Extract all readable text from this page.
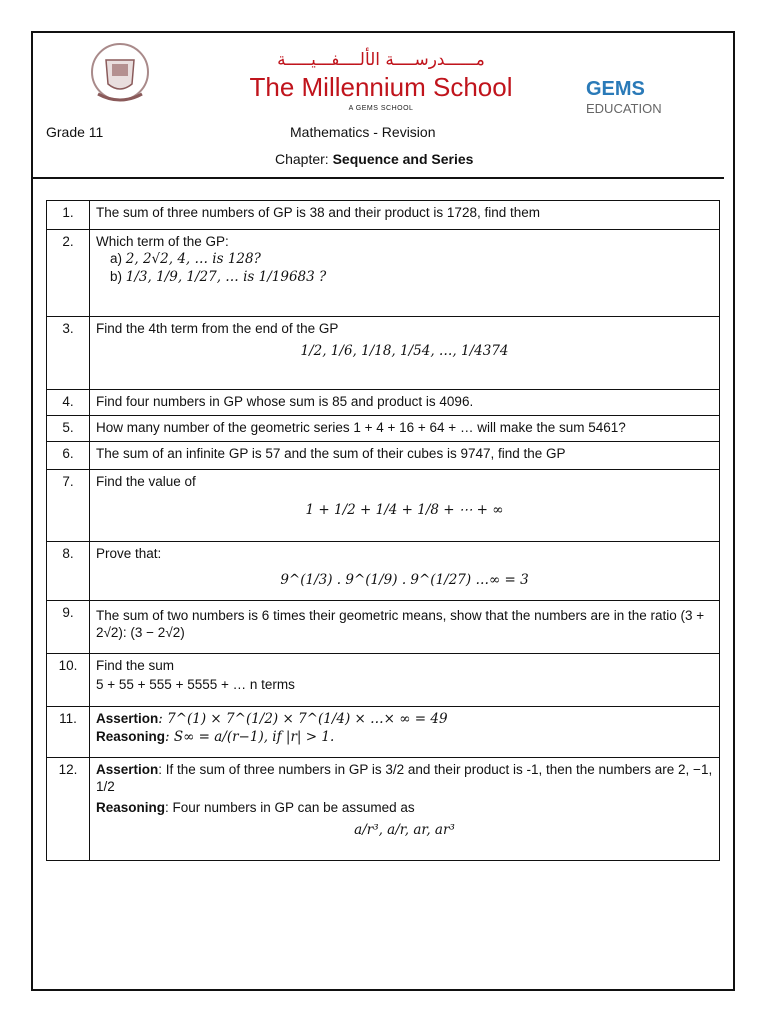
مــــــدرســــة الألــــفـــيـــــة
The Millennium School
A GEMS SCHOOL
GEMS
EDUCATION
Grade 11	Mathematics - Revision
Chapter: Sequence and Series
1.	The sum of three numbers of GP is 38 and their product is 1728, find them
2.	Which term of the GP:
a) 2, 2√2, 4, … is 128?
b) 1/3, 1/9, 1/27, … is 1/19683 ?

3.	Find the 4th term from the end of the GP
1/2, 1/6, 1/18, 1/54, …, 1/4374

4.	Find four numbers in GP whose sum is 85 and product is 4096.
5.	How many number of the geometric series 1 + 4 + 16 + 64 + … will make the sum 5461?
6.	The sum of an infinite GP is 57 and the sum of their cubes is 9747, find the GP
7.	Find the value of
1 + 1/2 + 1/4 + 1/8 + ⋯ + ∞

8.	Prove that:
9^(1/3) . 9^(1/9) . 9^(1/27) …∞ = 3

9.	The sum of two numbers is 6 times their geometric means, show that the numbers are in the ratio (3 + 2√2): (3 − 2√2)
10.	Find the sum
5 + 55 + 555 + 5555 + … n terms

11.	Assertion: 7^(1) × 7^(1/2) × 7^(1/4) × …× ∞ = 49
Reasoning: S∞ = a/(r−1), if |r| > 1.

12.	Assertion: If the sum of three numbers in GP is 3/2 and their product is -1, then the numbers are 2, −1, 1/2
Reasoning: Four numbers in GP can be assumed as
a/r³, a/r, ar, ar³
